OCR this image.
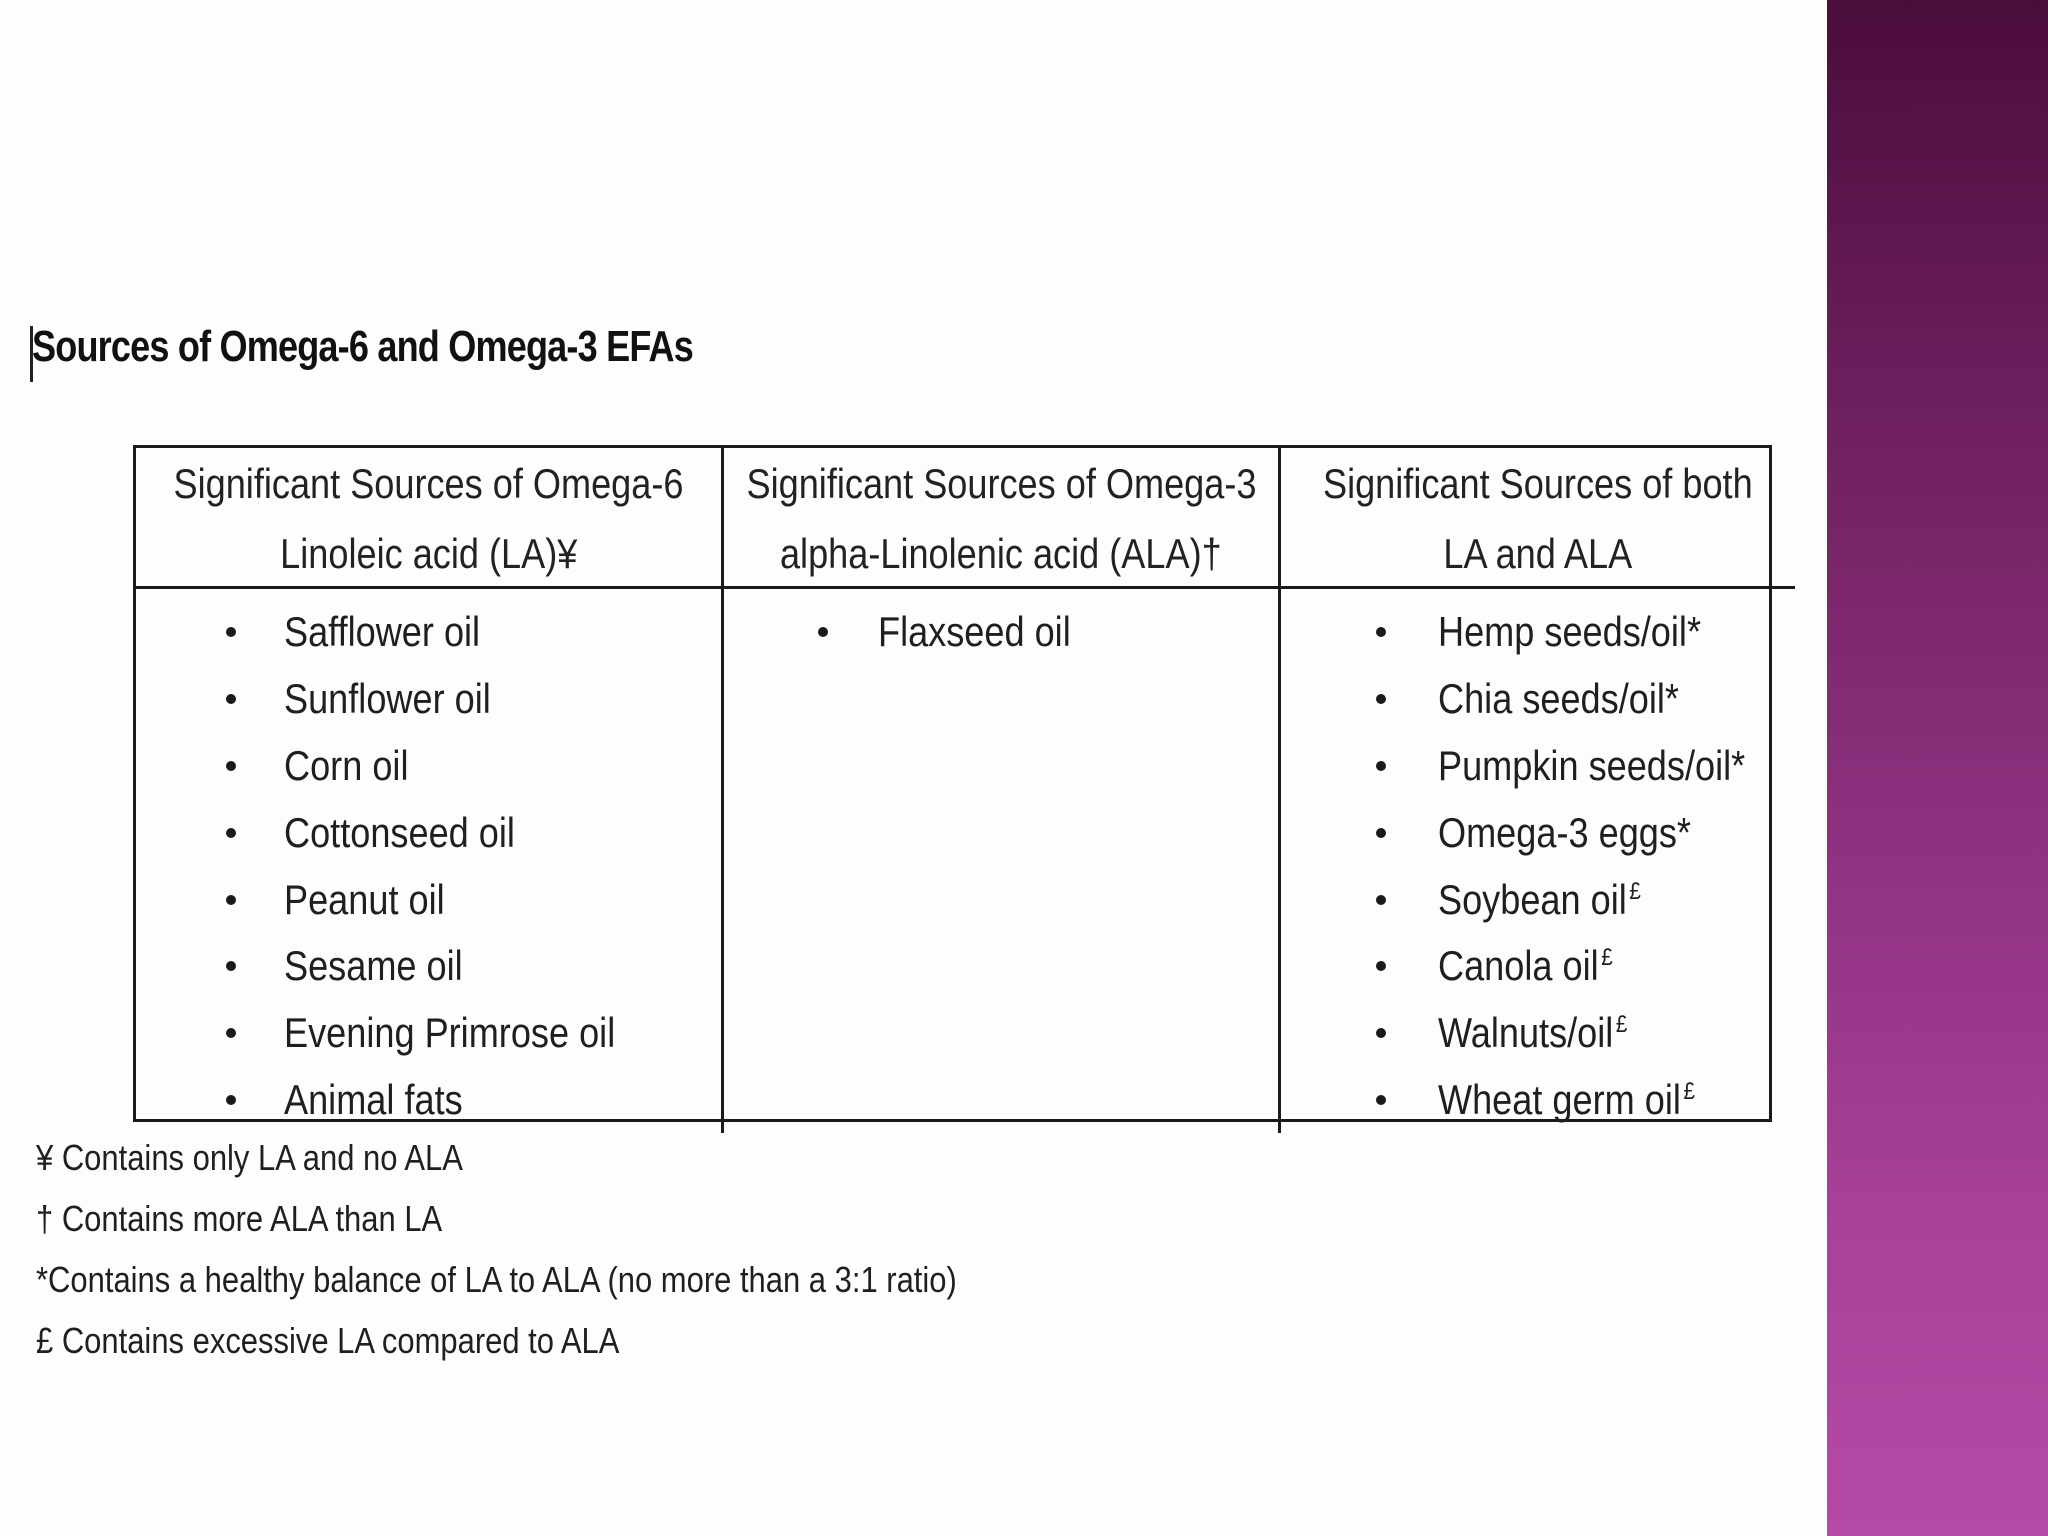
Sources of Omega-6 and Omega-3 EFAs
Significant Sources of Omega-6
Linoleic acid (LA)¥
Significant Sources of Omega-3
alpha-Linolenic acid (ALA)†
Significant Sources of both
LA and ALA
Safflower oil
Sunflower oil
Corn oil
Cottonseed oil
Peanut oil
Sesame oil
Evening Primrose oil
Animal fats
Flaxseed oil	Hemp seeds/oil*
Chia seeds/oil*
Pumpkin seeds/oil*
Omega-3 eggs*
Soybean oil £
Canola oil £
Walnuts/oil £
Wheat germ oil £
¥ Contains only LA and no ALA
† Contains more ALA than LA
*Contains a healthy balance of LA to ALA (no more than a 3:1 ratio)
£ Contains excessive LA compared to ALA
